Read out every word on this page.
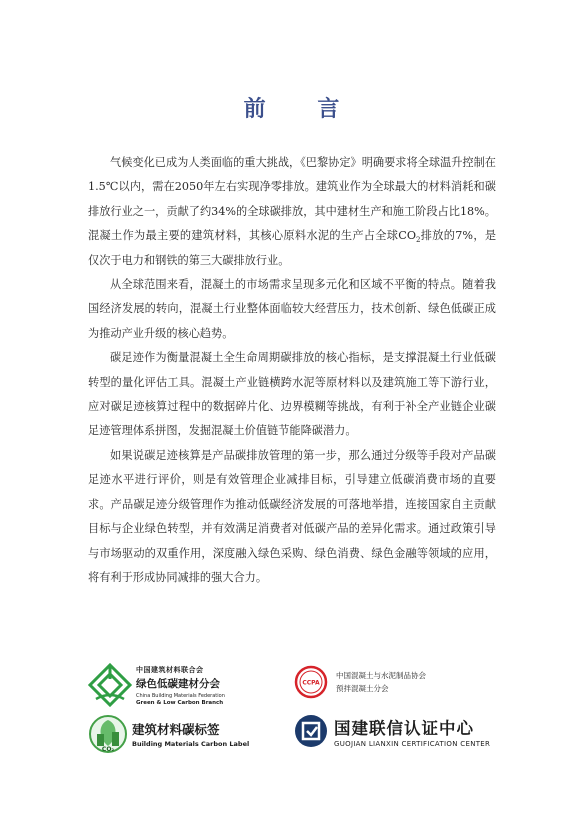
前 言

气候变化已成为人类面临的重大挑战，《巴黎协定》明确要求将全球温升控制在1.5℃以内，需在2050年左右实现净零排放。建筑业作为全球最大的材料消耗和碳排放行业之一，贡献了约34%的全球碳排放，其中建材生产和施工阶段占比18%。混凝土作为最主要的建筑材料，其核心原料水泥的生产占全球$CO_2$排放的7%，是仅次于电力和钢铁的第三大碳排放行业。

从全球范围来看，混凝土的市场需求呈现多元化和区域不平衡的特点。随着我国经济发展的转向，混凝土行业整体面临较大经营压力，技术创新、绿色低碳正成为推动产业升级的核心趋势。

碳足迹作为衡量混凝土全生命周期碳排放的核心指标，是支撑混凝土行业低碳转型的量化评估工具。混凝土产业链横跨水泥等原材料以及建筑施工等下游行业，应对碳足迹核算过程中的数据碎片化、边界模糊等挑战，有利于补全产业链企业碳足迹管理体系拼图，发掘混凝土价值链节能降碳潜力。

如果说碳足迹核算是产品碳排放管理的第一步，那么通过分级等手段对产品碳足迹水平进行评价，则是有效管理企业减排目标，引导建立低碳消费市场的直要求。产品碳足迹分级管理作为推动低碳经济发展的可落地举措，连接国家自主贡献目标与企业绿色转型，并有效满足消费者对低碳产品的差异化需求。通过政策引导与市场驱动的双重作用，深度融入绿色采购、绿色消费、绿色金融等领域的应用，将有利于形成协同减排的强大合力。

中国建筑材料联合会
绿色低碳建材分会
China Building Materials Federation
Green & Low Carbon Branch
CCPA
中国混凝土与水泥制品协会
预拌混凝土分会
CO₂
建筑材料碳标签
Building Materials Carbon Label
国建联信认证中心
GUOJIAN LIANXIN CERTIFICATION CENTER
